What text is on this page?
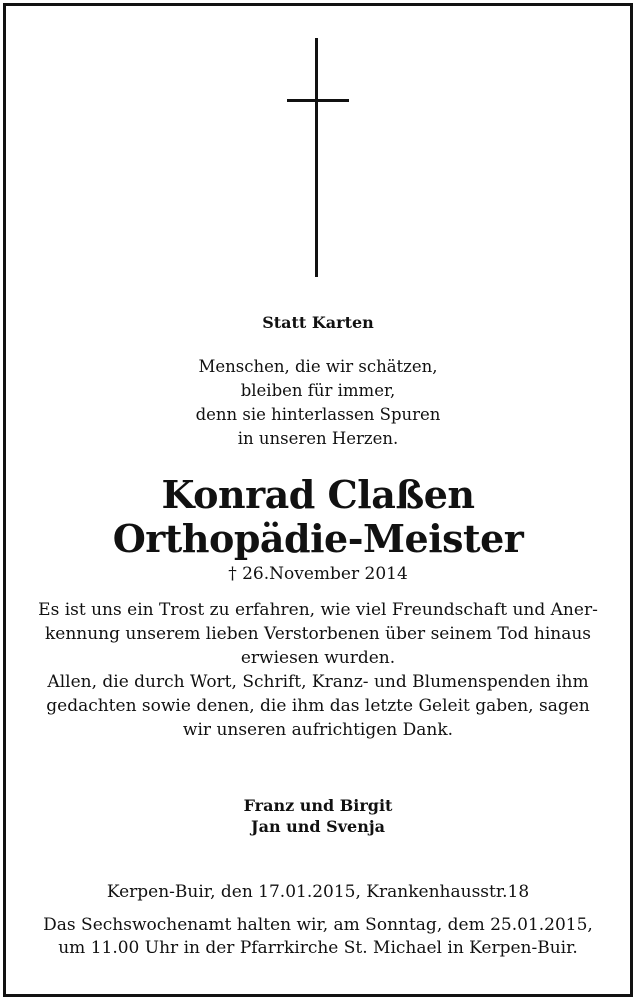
Statt Karten
Menschen, die wir schätzen,
bleiben für immer,
denn sie hinterlassen Spuren
in unseren Herzen.
Konrad Claßen
Orthopädie-Meister
† 26.November 2014
Es ist uns ein Trost zu erfahren, wie viel Freundschaft und Aner-
kennung unserem lieben Verstorbenen über seinem Tod hinaus
erwiesen wurden.
Allen, die durch Wort, Schrift, Kranz- und Blumenspenden ihm
gedachten sowie denen, die ihm das letzte Geleit gaben, sagen
wir unseren aufrichtigen Dank.
Franz und Birgit
Jan und Svenja
Kerpen-Buir, den 17.01.2015, Krankenhausstr.18
Das Sechswochenamt halten wir, am Sonntag, dem 25.01.2015,
um 11.00 Uhr in der Pfarrkirche St. Michael in Kerpen-Buir.
